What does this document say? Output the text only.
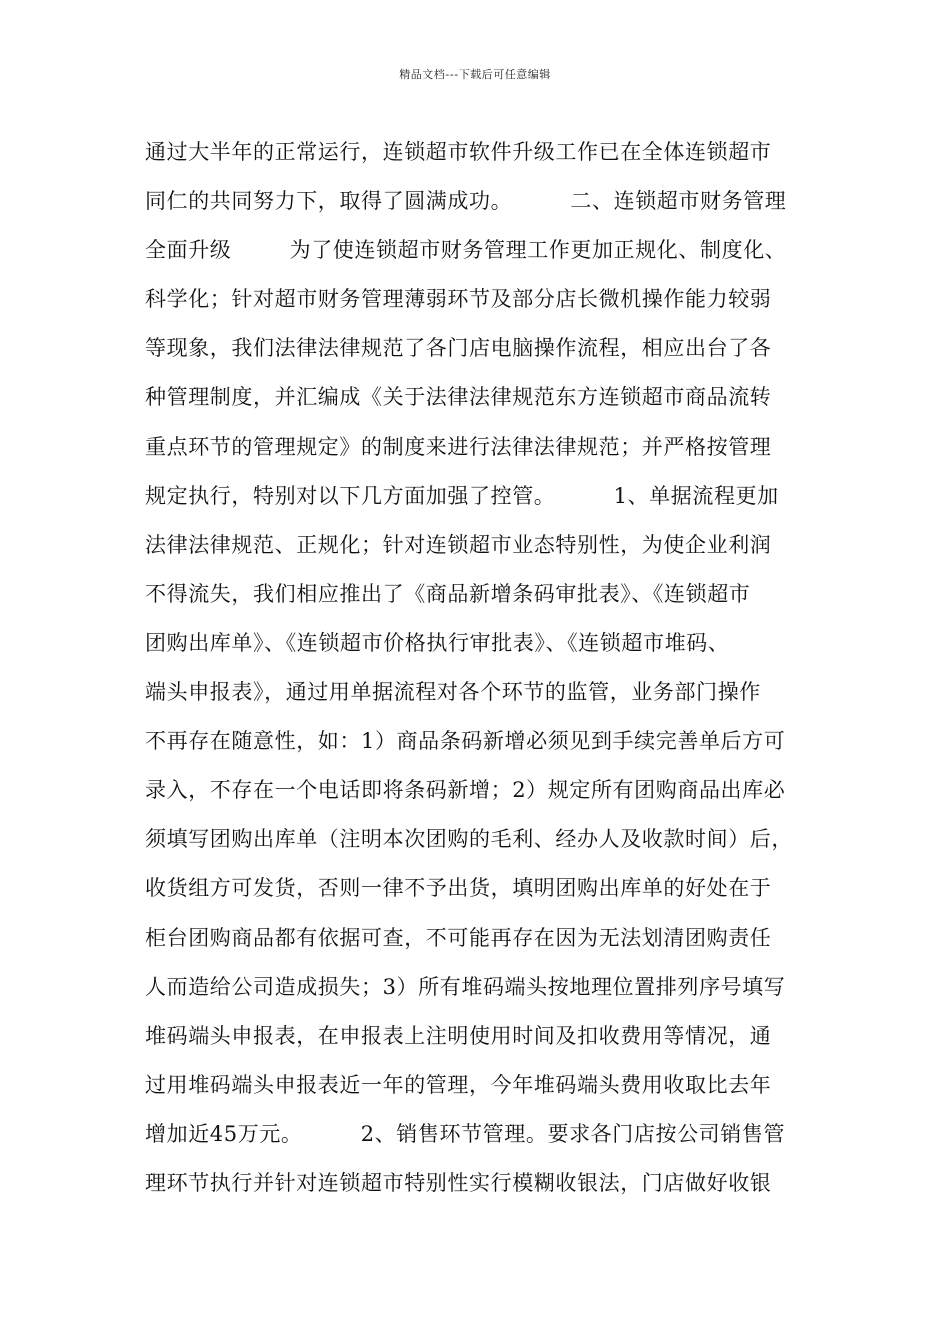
精品文档---下载后可任意编辑
通过大半年的正常运行，连锁超市软件升级工作已在全体连锁超市
同仁的共同努力下，取得了圆满成功。        二、连锁超市财务管理
全面升级        为了使连锁超市财务管理工作更加正规化、制度化、
科学化；针对超市财务管理薄弱环节及部分店长微机操作能力较弱
等现象，我们法律法律规范了各门店电脑操作流程，相应出台了各
种管理制度，并汇编成《关于法律法律规范东方连锁超市商品流转
重点环节的管理规定》的制度来进行法律法律规范；并严格按管理
规定执行，特别对以下几方面加强了控管。        1、单据流程更加
法律法律规范、正规化；针对连锁超市业态特别性，为使企业利润
不得流失，我们相应推出了《商品新增条码审批表》、《连锁超市
团购出库单》、《连锁超市价格执行审批表》、《连锁超市堆码、
端头申报表》，通过用单据流程对各个环节的监管，业务部门操作
不再存在随意性，如：1）商品条码新增必须见到手续完善单后方可
录入，不存在一个电话即将条码新增；2）规定所有团购商品出库必
须填写团购出库单（注明本次团购的毛利、经办人及收款时间）后，
收货组方可发货，否则一律不予出货，填明团购出库单的好处在于
柜台团购商品都有依据可查，不可能再存在因为无法划清团购责任
人而造给公司造成损失；3）所有堆码端头按地理位置排列序号填写
堆码端头申报表，在申报表上注明使用时间及扣收费用等情况，通
过用堆码端头申报表近一年的管理，今年堆码端头费用收取比去年
增加近45万元。        2、销售环节管理。要求各门店按公司销售管
理环节执行并针对连锁超市特别性实行模糊收银法，门店做好收银
